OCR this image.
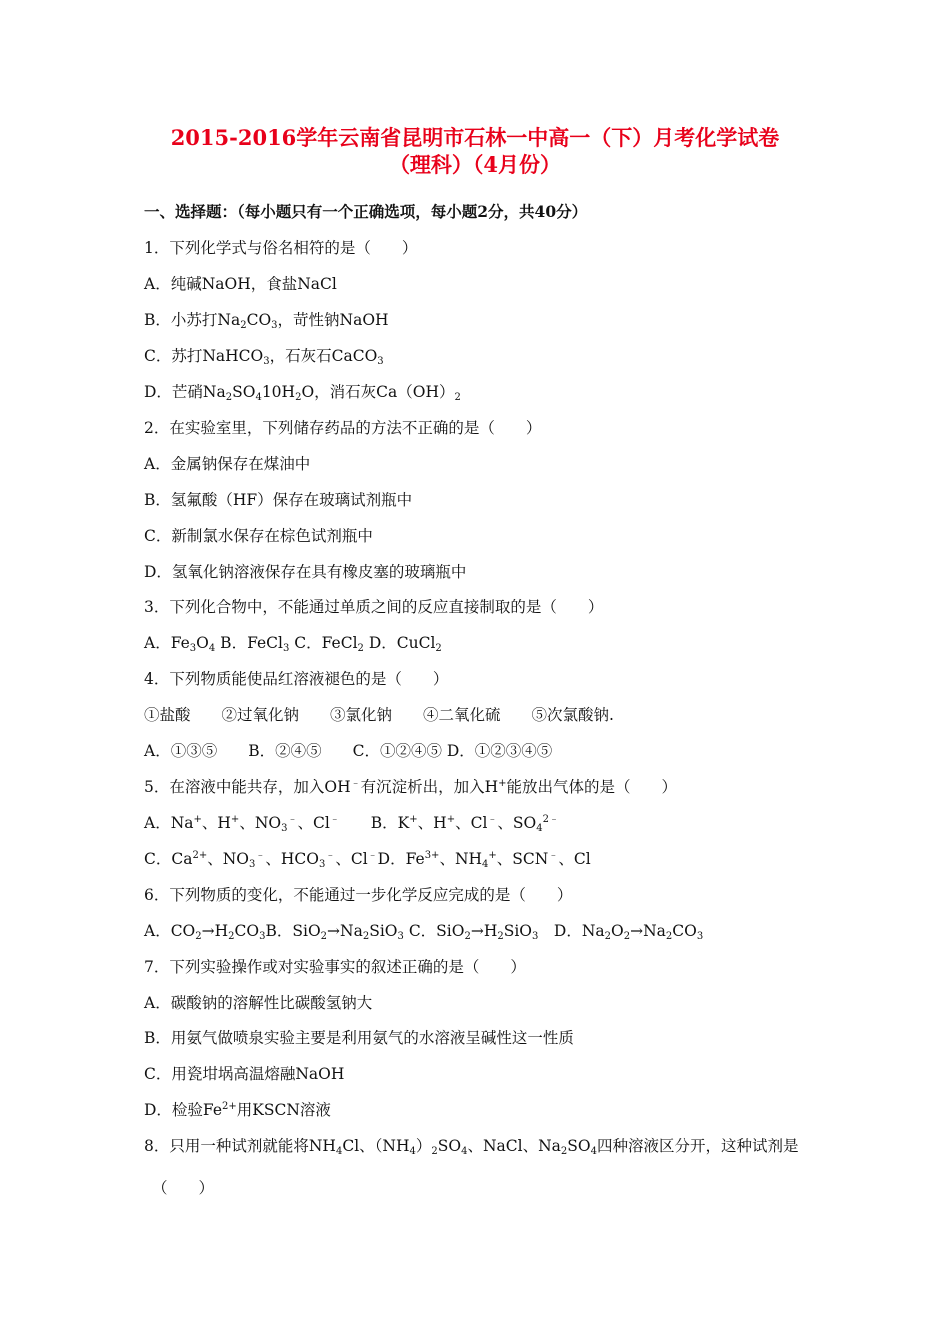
2015-2016学年云南省昆明市石林一中高一（下）月考化学试卷
（理科）（4月份）
一、选择题：（每小题只有一个正确选项，每小题2分，共40分）
1．下列化学式与俗名相符的是（　　）
A．纯碱NaOH，食盐NaCl
B．小苏打$Na_2CO_3$，苛性钠NaOH
C．苏打NaHCO$_3$，石灰石CaCO$_3$
D．芒硝$Na_2SO_410H_2O$，消石灰$Ca(OH)_2$
2．在实验室里，下列储存药品的方法不正确的是（　　）
A．金属钠保存在煤油中
B．氢氟酸（HF）保存在玻璃试剂瓶中
C．新制氯水保存在棕色试剂瓶中
D．氢氧化钠溶液保存在具有橡皮塞的玻璃瓶中
3．下列化合物中，不能通过单质之间的反应直接制取的是（　　）
A．$Fe_3O_4$ B．FeCl$_3$ C．FeCl$_2$ D．CuCl$_2$
4．下列物质能使品红溶液褪色的是（　　）
①盐酸　　②过氧化钠　　③氯化钠　　④二氧化硫　　⑤次氯酸钠.
A．①③⑤　　B．②④⑤　　C．①②④⑤ D．①②③④⑤
5．在溶液中能共存，加入OH﹣有沉淀析出，加入H+能放出气体的是（　　）
A．Na+、H+、$NO_3^﹣$、Cl﹣　　B．K+、H+、Cl﹣、$SO_4^{2﹣}$
C．$Ca^{2+}$、$NO_3^﹣$、$HCO_3^﹣$、Cl﹣D．$Fe^{3+}$、$NH_4^+$、SCN﹣、Cl
6．下列物质的变化，不能通过一步化学反应完成的是（　　）
A．$CO_2\to H_2CO_3B$．$SiO_2\to Na_2SiO_3$ C．$SiO_2\to H_2SiO_3$　D．$Na_2O_2\to Na_2CO_3$
7．下列实验操作或对实验事实的叙述正确的是（　　）
A．碳酸钠的溶解性比碳酸氢钠大
B．用氨气做喷泉实验主要是利用氨气的水溶液呈碱性这一性质
C．用瓷坩埚高温熔融NaOH
D．检验$Fe^{2+}$用KSCN溶液
8．只用一种试剂就能将$NH_4Cl$、$(NH_4)_2SO_4$、NaCl、$Na_2SO_4$四种溶液区分开，这种试剂是
（　　）
